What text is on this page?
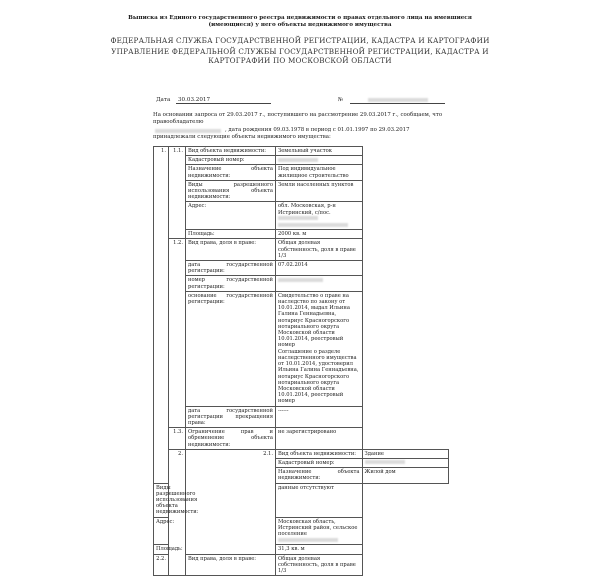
Выписка из Единого государственного реестра недвижимости о правах отдельного лица на имевшиеся
(имеющиеся) у него объекты недвижимого имущества
ФЕДЕРАЛЬНАЯ СЛУЖБА ГОСУДАРСТВЕННОЙ РЕГИСТРАЦИИ, КАДАСТРА И КАРТОГРАФИИ
УПРАВЛЕНИЕ ФЕДЕРАЛЬНОЙ СЛУЖБЫ ГОСУДАРСТВЕННОЙ РЕГИСТРАЦИИ, КАДАСТРА И
КАРТОГРАФИИ ПО МОСКОВСКОЙ ОБЛАСТИ
Дата 30.03.2017	№
На основании запроса от 29.03.2017 г., поступившего на рассмотрение 29.03.2017 г., сообщаем, что
правообладателю
, дата рождения 09.03.1978 в период с 01.01.1997 по 29.03.2017
принадлежали следующие объекты недвижимого имущества:
1.	1.1.	Вид объекта недвижимости:	Земельный участок	
		Кадастровый номер:		
		Назначение объекта недвижимости:	Под индивидуальное жилищное строительство	
		Виды разрешенного использования объекта недвижимости:	Земли населенных пунктов	
		Адрес:	обл. Московская, р-н Истринский, с/пос.	

		Площадь:	2000 кв. м	
	1.2.	Вид права, доля в праве:	Общая долевая собственность, доля в праве 1/3	
		дата государственной регистрации:	07.02.2014	
		номер государственной регистрации:		
		основание государственной регистрации:	Свидетельство о праве на наследство по закону от 10.01.2014, выдал Ильина Галина Геннадьевна, нотариус Красногорского нотариального округа Московской области 10.01.2014, реестровый номер
Соглашение о разделе наследственного имущества от 10.01.2014, удостоверил Ильина Галина Геннадьевна, нотариус Красногорского нотариального округа Московской области 10.01.2014, реестровый номер	
		дата государственной регистрации прекращения права:	------	

	1.3.	Ограничение прав и обременение объекта недвижимости:	не зарегистрировано	
	2.	2.1.	Вид объекта недвижимости:	Здание
			Кадастровый номер:	
			Назначение объекта недвижимости:	Жилой дом
Виды разрешенного использования объекта недвижимости:			данные отсутствуют	
Адрес:			Московская область, Истринский район, сельское поселение	

Площадь:			31,3 кв. м	
2.2.		Вид права, доля в праве:	Общая долевая собственность, доля в праве 1/3	
